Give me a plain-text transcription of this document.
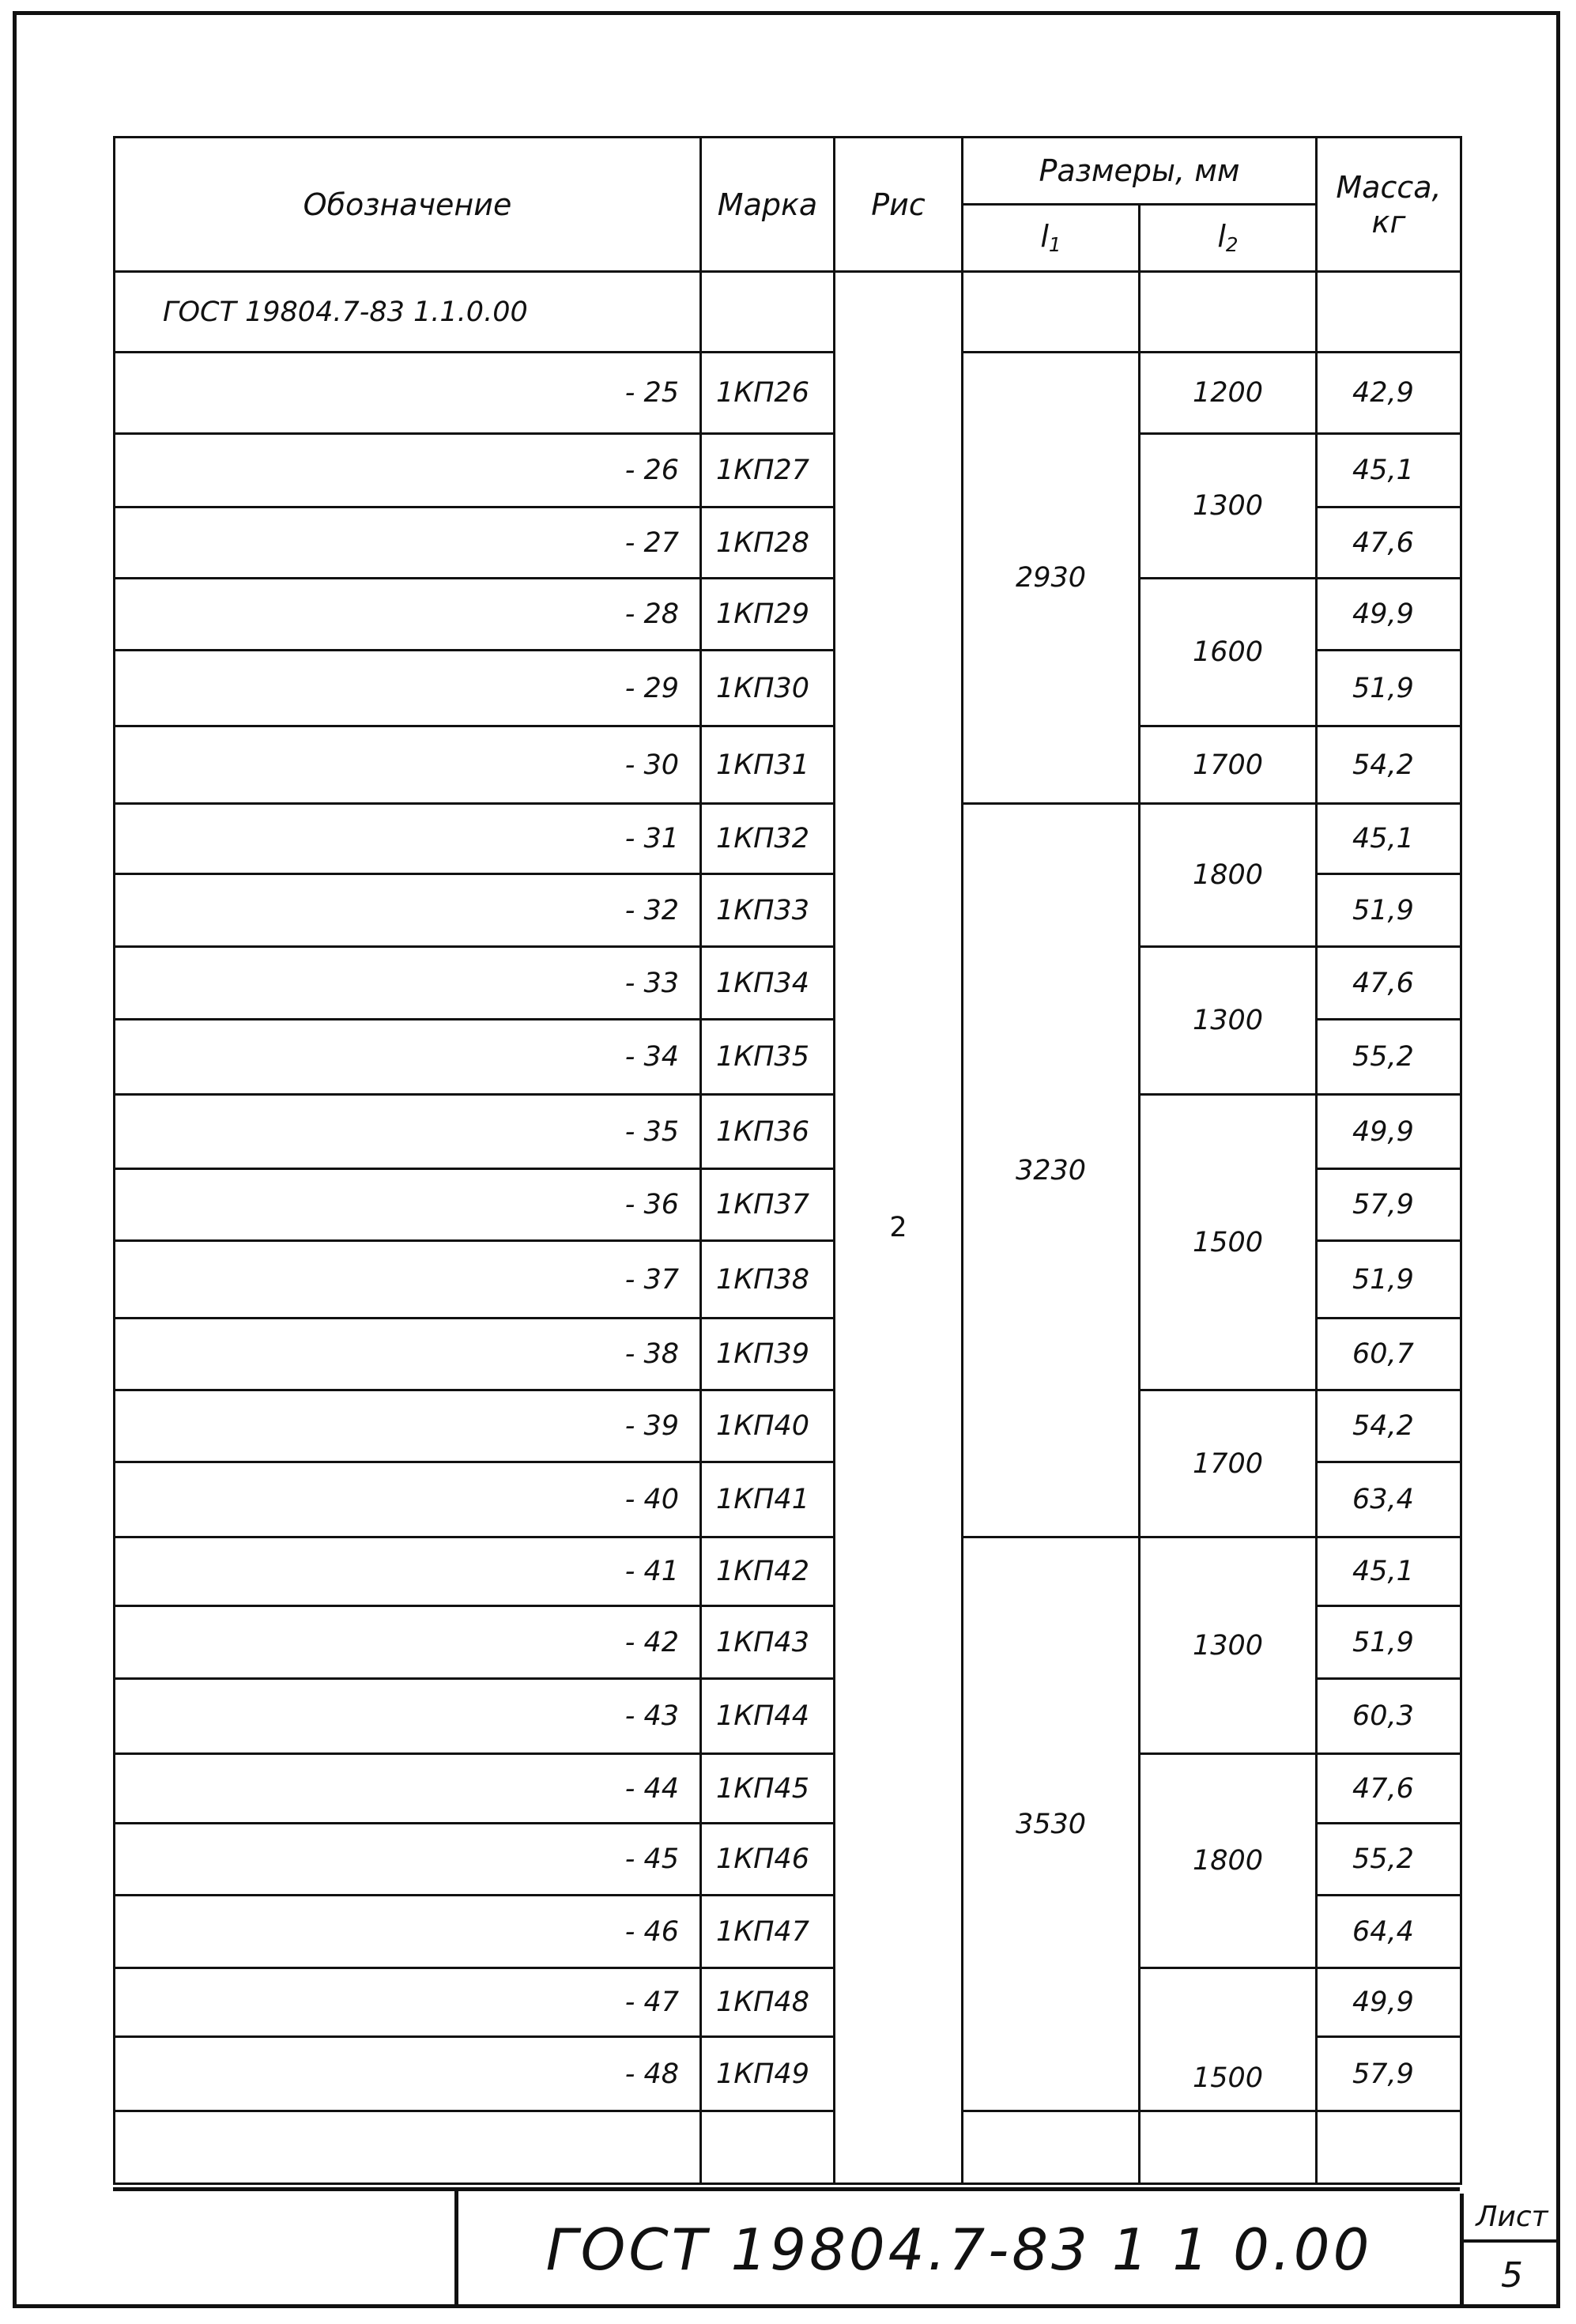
Обозначение	Марка	Рис	Размеры, мм		Масса, кг
			$l_1$	$l_2$
ГОСТ 19804.7-83 1.1.0.00		2			
- 25	1КП26		2930	1200	42,9
- 26	1КП27			1300	45,1
- 27	1КП28				47,6
- 28	1КП29			1600	49,9
- 29	1КП30				51,9
- 30	1КП31			1700	54,2
- 31	1КП32		3230	1800	45,1
- 32	1КП33				51,9
- 33	1КП34			1300	47,6
- 34	1КП35				55,2
- 35	1КП36			1500	49,9
- 36	1КП37				57,9
- 37	1КП38				51,9
- 38	1КП39				60,7
- 39	1КП40			1700	54,2
- 40	1КП41				63,4
- 41	1КП42		3530	1300	45,1
- 42	1КП43				51,9
- 43	1КП44				60,3
- 44	1КП45			1800	47,6
- 45	1КП46				55,2
- 46	1КП47				64,4
- 47	1КП48			1500	49,9
- 48	1КП49				57,9

ГОСТ 19804.7-83 1 1 0.00	Лист
5
